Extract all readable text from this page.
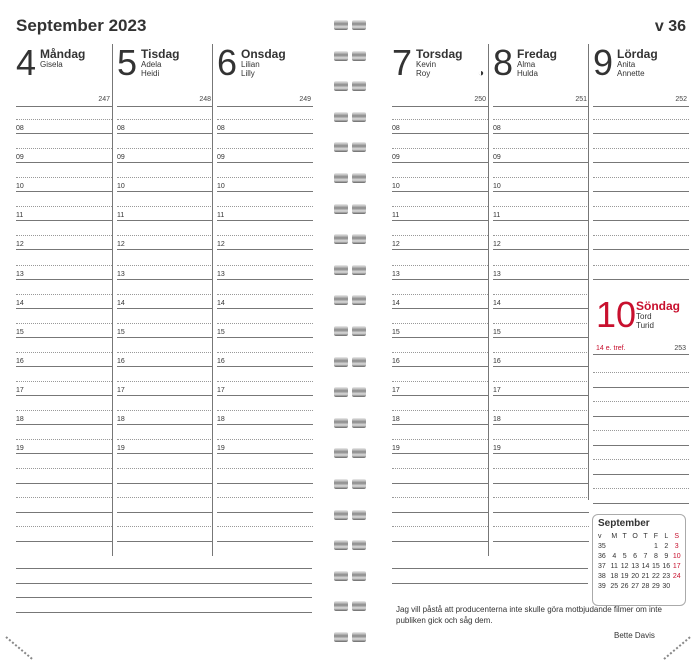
September 2023
4 Måndag
Gisela
247
08
09
10
11
12
13
14
15
16
17
18
19
5 Tisdag
Adela
Heidi
248
08
09
10
11
12
13
14
15
16
17
18
19
6 Onsdag
Lilian
Lilly
249
08
09
10
11
12
13
14
15
16
17
18
19
v 36
7 Torsdag
Kevin
Roy	◑
250
08
09
10
11
12
13
14
15
16
17
18
19
8 Fredag
Alma
Hulda
251
08
09
10
11
12
13
14
15
16
17
18
19
9 Lördag
Anita
Annette
252
10 Söndag
Tord
Turid
14 e. tref.	253
September
v	M	T	O	T	F	L	S
35					1	2	3
36	4	5	6	7	8	9	10
37	11	12	13	14	15	16	17
38	18	19	20	21	22	23	24
39	25	26	27	28	29	30	
Jag vill påstå att producenterna inte skulle göra motbjudande filmer om inte publiken gick och såg dem.
Bette Davis
